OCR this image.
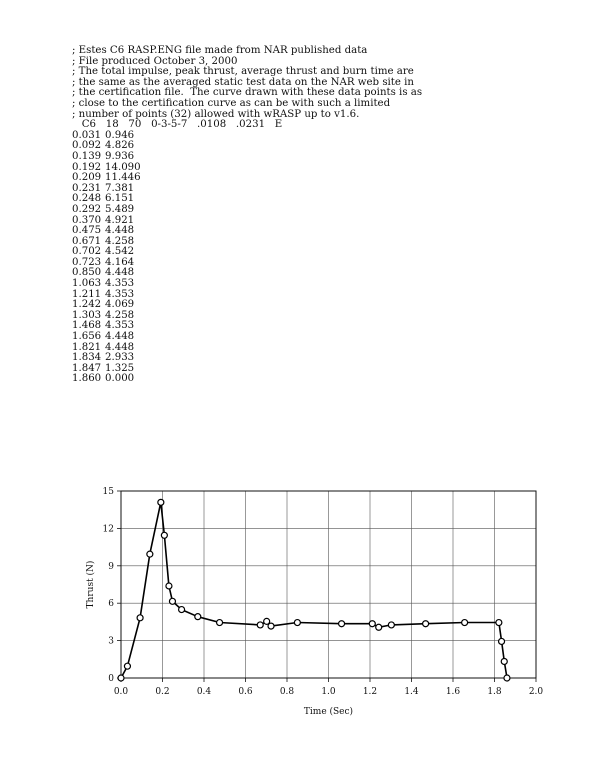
; Estes C6 RASP.ENG file made from NAR published data
; File produced October 3, 2000
; The total impulse, peak thrust, average thrust and burn time are
; the same as the averaged static test data on the NAR web site in
; the certification file.  The curve drawn with these data points is as
; close to the certification curve as can be with such a limited
; number of points (32) allowed with wRASP up to v1.6.
C6   18   70   0-3-5-7   .0108   .0231   E
0.031 0.946
0.092 4.826
0.139 9.936
0.192 14.090
0.209 11.446
0.231 7.381
0.248 6.151
0.292 5.489
0.370 4.921
0.475 4.448
0.671 4.258
0.702 4.542
0.723 4.164
0.850 4.448
1.063 4.353
1.211 4.353
1.242 4.069
1.303 4.258
1.468 4.353
1.656 4.448
1.821 4.448
1.834 2.933
1.847 1.325
1.860 0.000
0.0	0.2	0.4	0.6	0.8	1.0	1.2	1.4	1.6	1.8	2.0
0
3
6
9
12
15
Time (Sec)
Thrust (N)
